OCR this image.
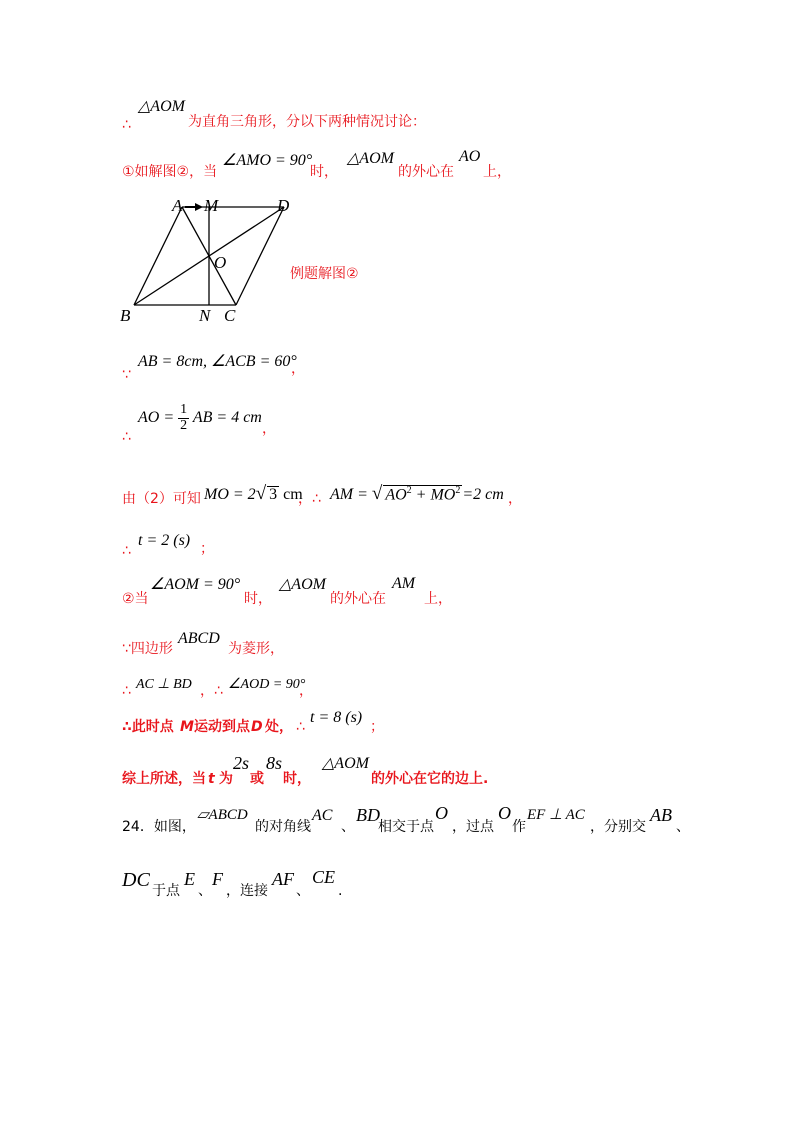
∴
△AOM
为直角三角形，分以下两种情况讨论：
①如解图②，当
∠AMO = 90°
时，
△AOM
的外心在
AO
上，
A M	D
O
B	N C
例题解图②
∵
AB = 8cm, ∠ACB = 60°
，
∴
AO = $\frac{1}{2}$ AB = 4 cm
，
由（2）可知 MO = 2√ 3 cm
， ∴ AM = √ $AO^2 + MO^2 =2$ cm ，
∴
t = 2 (s) ；
②当
∠AOM = 90°
时，
△AOM
的外心在
AM
上，
∵四边形
ABCD
为菱形，
∴ AC ⊥ BD ，∴ ∠AOD = 90°
，
∴此时点 M 运动到点 D 处， ∴
t = 8 (s)
；
综上所述，当 t 为
2s
或
8s
时，
△AOM
的外心在它的边上.
24．如图，
▱ABCD
的对角线
AC
、
BD
相交于点
O
，过点
O
作
EF ⊥ AC
，分别交
AB
、
DC 于点
E
、
F
，连接
AF
、
CE
.
